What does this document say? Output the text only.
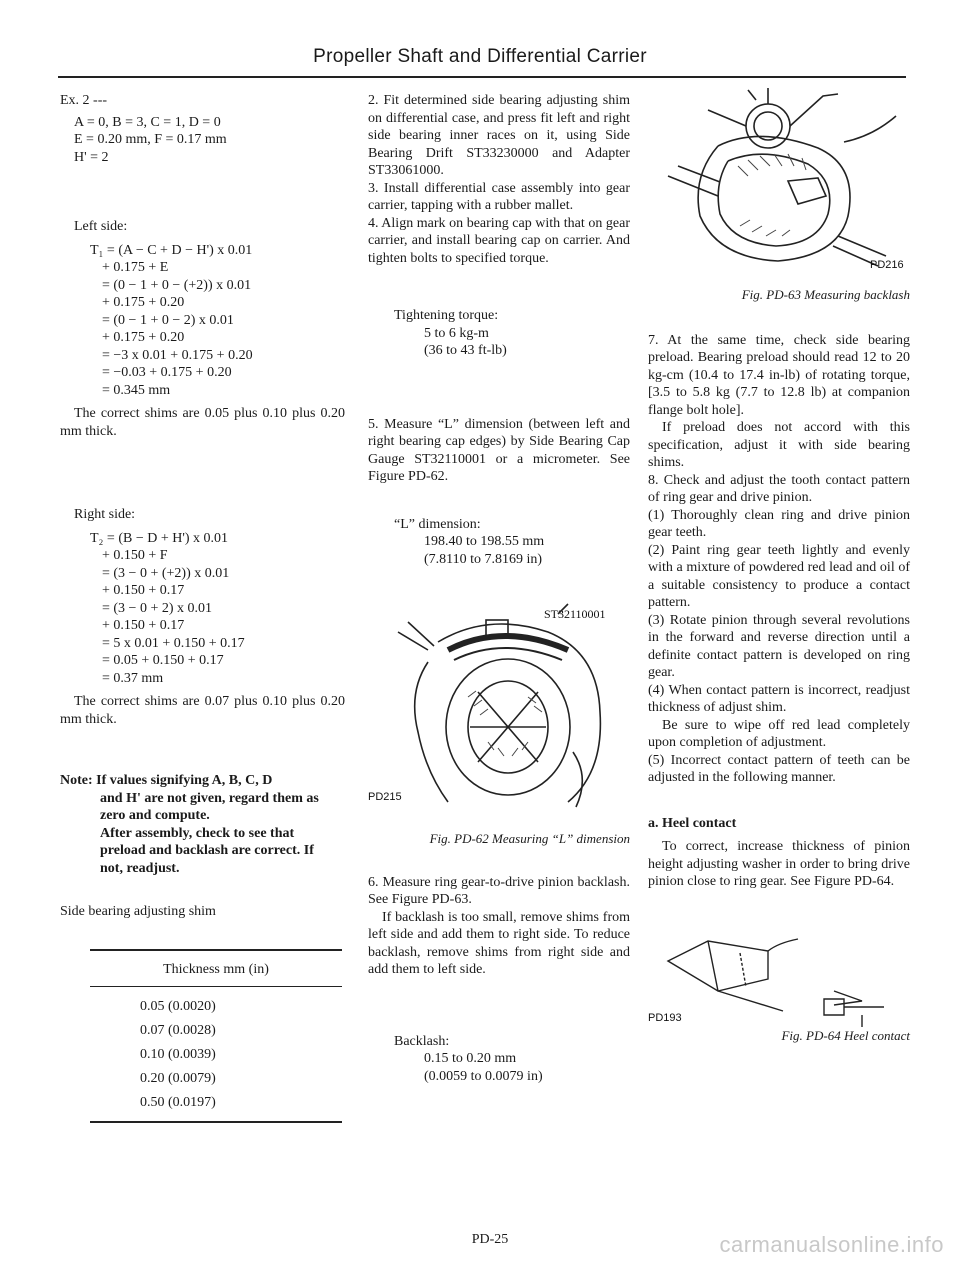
Propeller Shaft and Differential Carrier

Ex. 2 ---

A = 0, B = 3, C = 1, D = 0

E = 0.20 mm, F = 0.17 mm

H' = 2

Left side:

T₁ = (A − C + D − H') x 0.01

+ 0.175 + E

= (0 − 1 + 0 − (+2)) x 0.01

+ 0.175 + 0.20

= (0 − 1 + 0 − 2) x 0.01

+ 0.175 + 0.20

= −3 x 0.01 + 0.175 + 0.20

= −0.03 + 0.175 + 0.20

= 0.345 mm

The correct shims are 0.05 plus 0.10 plus 0.20 mm thick.

Right side:

T₂ = (B − D + H') x 0.01

+ 0.150 + F

= (3 − 0 + (+2)) x 0.01

+ 0.150 + 0.17

= (3 − 0 + 2) x 0.01

+ 0.150 + 0.17

= 5 x 0.01 + 0.150 + 0.17

= 0.05 + 0.150 + 0.17

= 0.37 mm

The correct shims are 0.07 plus 0.10 plus 0.20 mm thick.

Note: If values signifying A, B, C, D

and H' are not given, regard them as

zero and compute.

After assembly, check to see that

preload and backlash are correct. If

not, readjust.

Side bearing adjusting shim

Thickness mm (in)

0.05 (0.0020)

0.07 (0.0028)

0.10 (0.0039)

0.20 (0.0079)

0.50 (0.0197)

2. Fit determined side bearing adjusting shim on differential case, and press fit left and right side bearing inner races on it, using Side Bearing Drift ST33230000 and Adapter ST33061000.

3. Install differential case assembly into gear carrier, tapping with a rubber mallet.

4. Align mark on bearing cap with that on gear carrier, and install bearing cap on carrier. And tighten bolts to specified torque.

Tightening torque:

5 to 6 kg-m

(36 to 43 ft-lb)

5. Measure “L” dimension (between left and right bearing cap edges) by Side Bearing Cap Gauge ST32110001 or a micrometer. See Figure PD-62.

“L” dimension:

198.40 to 198.55 mm

(7.8110 to 7.8169 in)

ST32110001
PD215

Fig. PD-62 Measuring “L” dimension

6. Measure ring gear-to-drive pinion backlash. See Figure PD-63.

If backlash is too small, remove shims from left side and add them to right side. To reduce backlash, remove shims from right side and add them to left side.

Backlash:

0.15 to 0.20 mm

(0.0059 to 0.0079 in)

PD216

Fig. PD-63 Measuring backlash

7. At the same time, check side bearing preload. Bearing preload should read 12 to 20 kg-cm (10.4 to 17.4 in-lb) of rotating torque, [3.5 to 5.8 kg (7.7 to 12.8 lb) at companion flange bolt hole].

If preload does not accord with this specification, adjust it with side bearing shims.

8. Check and adjust the tooth contact pattern of ring gear and drive pinion.

(1) Thoroughly clean ring and drive pinion gear teeth.

(2) Paint ring gear teeth lightly and evenly with a mixture of powdered red lead and oil of a suitable consistency to produce a contact pattern.

(3) Rotate pinion through several revolutions in the forward and reverse direction until a definite contact pattern is developed on ring gear.

(4) When contact pattern is incorrect, readjust thickness of adjust shim.

Be sure to wipe off red lead completely upon completion of adjustment.

(5) Incorrect contact pattern of teeth can be adjusted in the following manner.

a. Heel contact

To correct, increase thickness of pinion height adjusting washer in order to bring drive pinion close to ring gear. See Figure PD-64.

PD193

Fig. PD-64 Heel contact

PD-25	carmanualsonline.info
